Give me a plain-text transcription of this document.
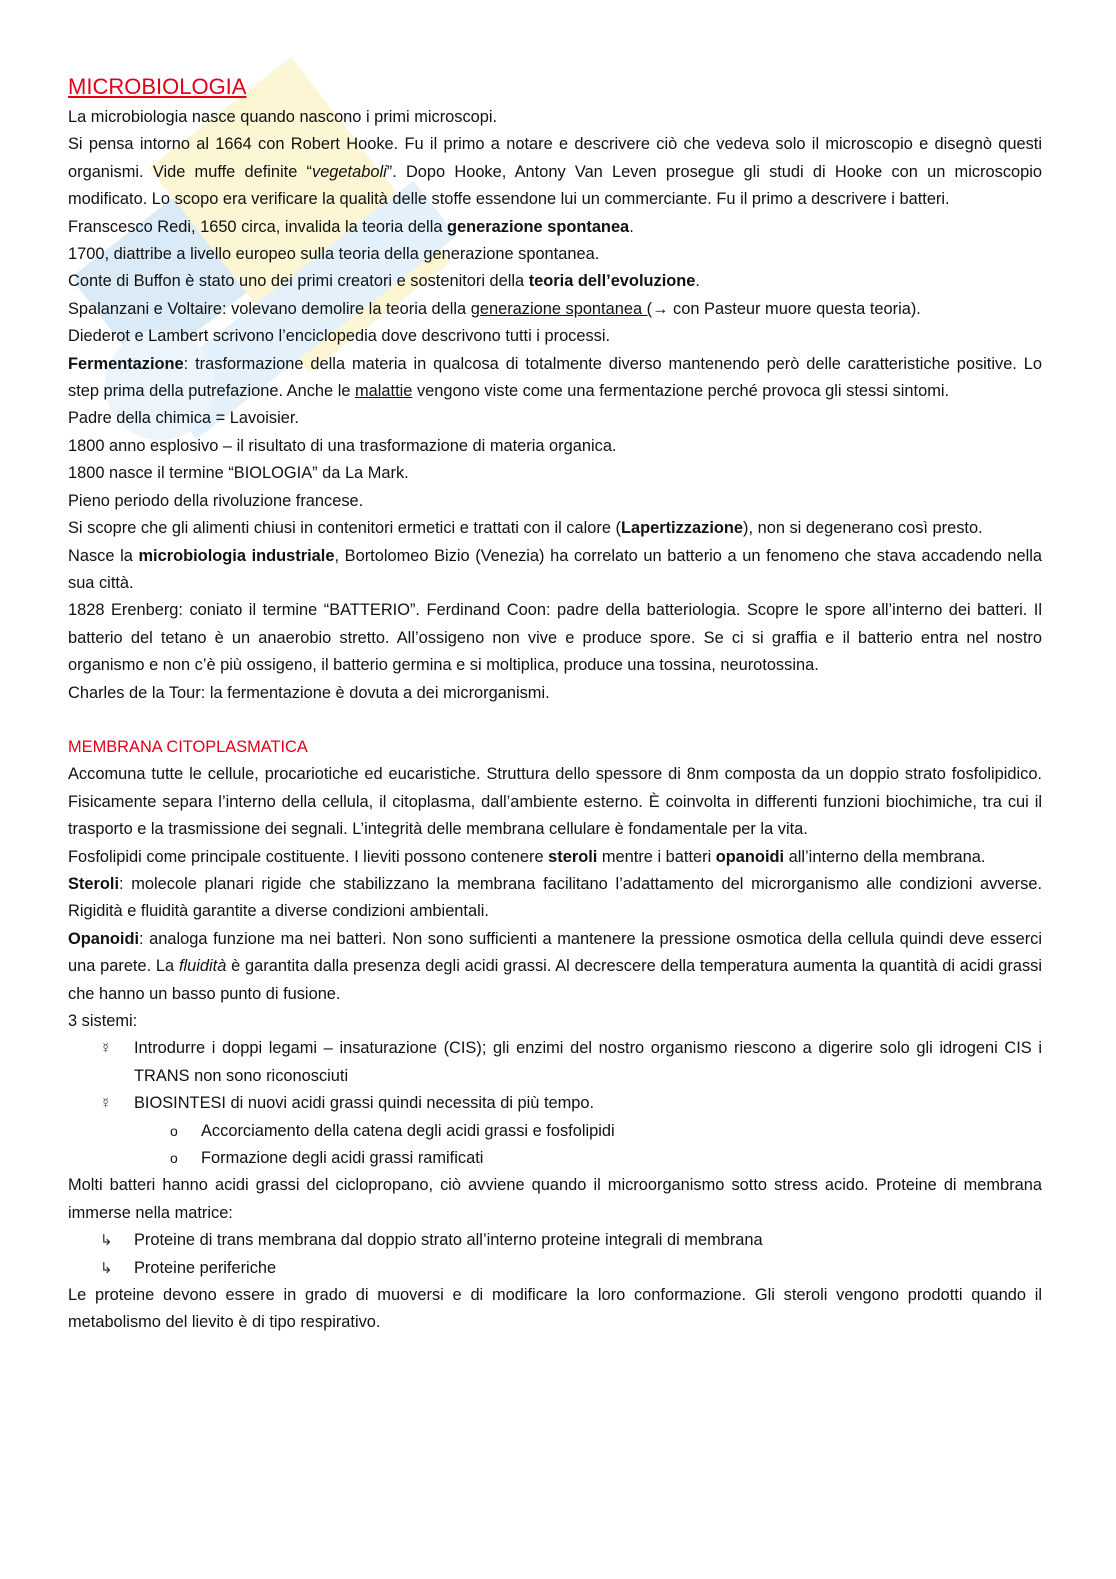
MICROBIOLOGIA

La microbiologia nasce quando nascono i primi microscopi.

Si pensa intorno al 1664 con Robert Hooke. Fu il primo a notare e descrivere ciò che vedeva solo il microscopio e disegnò questi organismi. Vide muffe definite “vegetaboli”. Dopo Hooke, Antony Van Leven prosegue gli studi di Hooke con un microscopio modificato. Lo scopo era verificare la qualità delle stoffe essendone lui un commerciante. Fu il primo a descrivere i batteri.

Franscesco Redi, 1650 circa, invalida la teoria della generazione spontanea.

1700, diattribe a livello europeo sulla teoria della generazione spontanea.

Conte di Buffon è stato uno dei primi creatori e sostenitori della teoria dell’evoluzione.

Spalanzani e Voltaire: volevano demolire la teoria della generazione spontanea (→ con Pasteur muore questa teoria).

Diederot e Lambert scrivono l’enciclopedia dove descrivono tutti i processi.

Fermentazione: trasformazione della materia in qualcosa di totalmente diverso mantenendo però delle caratteristiche positive. Lo step prima della putrefazione. Anche le malattie vengono viste come una fermentazione perché provoca gli stessi sintomi.

Padre della chimica = Lavoisier.

1800 anno esplosivo – il risultato di una trasformazione di materia organica.

1800 nasce il termine “BIOLOGIA” da La Mark.

Pieno periodo della rivoluzione francese.

Si scopre che gli alimenti chiusi in contenitori ermetici e trattati con il calore (Lapertizzazione), non si degenerano così presto.

Nasce la microbiologia industriale, Bortolomeo Bizio (Venezia) ha correlato un batterio a un fenomeno che stava accadendo nella sua città.

1828 Erenberg: coniato il termine “BATTERIO”. Ferdinand Coon: padre della batteriologia. Scopre le spore all’interno dei batteri. Il batterio del tetano è un anaerobio stretto. All’ossigeno non vive e produce spore. Se ci si graffia e il batterio entra nel nostro organismo e non c’è più ossigeno, il batterio germina e si moltiplica, produce una tossina, neurotossina.

Charles de la Tour: la fermentazione è dovuta a dei microrganismi.

MEMBRANA CITOPLASMATICA

Accomuna tutte le cellule, procariotiche ed eucaristiche. Struttura dello spessore di 8nm composta da un doppio strato fosfolipidico. Fisicamente separa l’interno della cellula, il citoplasma, dall’ambiente esterno. È coinvolta in differenti funzioni biochimiche, tra cui il trasporto e la trasmissione dei segnali. L’integrità delle membrana cellulare è fondamentale per la vita.

Fosfolipidi come principale costituente. I lieviti possono contenere steroli mentre i batteri opanoidi all’interno della membrana.

Steroli: molecole planari rigide che stabilizzano la membrana facilitano l’adattamento del microrganismo alle condizioni avverse. Rigidità e fluidità garantite a diverse condizioni ambientali.

Opanoidi: analoga funzione ma nei batteri. Non sono sufficienti a mantenere la pressione osmotica della cellula quindi deve esserci una parete. La fluidità è garantita dalla presenza degli acidi grassi. Al decrescere della temperatura aumenta la quantità di acidi grassi che hanno un basso punto di fusione.

3 sistemi:

☿ Introdurre i doppi legami – insaturazione (CIS); gli enzimi del nostro organismo riescono a digerire solo gli idrogeni CIS i TRANS non sono riconosciuti
☿ BIOSINTESI di nuovi acidi grassi quindi necessita di più tempo.
o Accorciamento della catena degli acidi grassi e fosfolipidi
o Formazione degli acidi grassi ramificati

Molti batteri hanno acidi grassi del ciclopropano, ciò avviene quando il microorganismo sotto stress acido. Proteine di membrana immerse nella matrice:

↳ Proteine di trans membrana dal doppio strato all’interno proteine integrali di membrana
↳ Proteine periferiche

Le proteine devono essere in grado di muoversi e di modificare la loro conformazione. Gli steroli vengono prodotti quando il metabolismo del lievito è di tipo respirativo.
